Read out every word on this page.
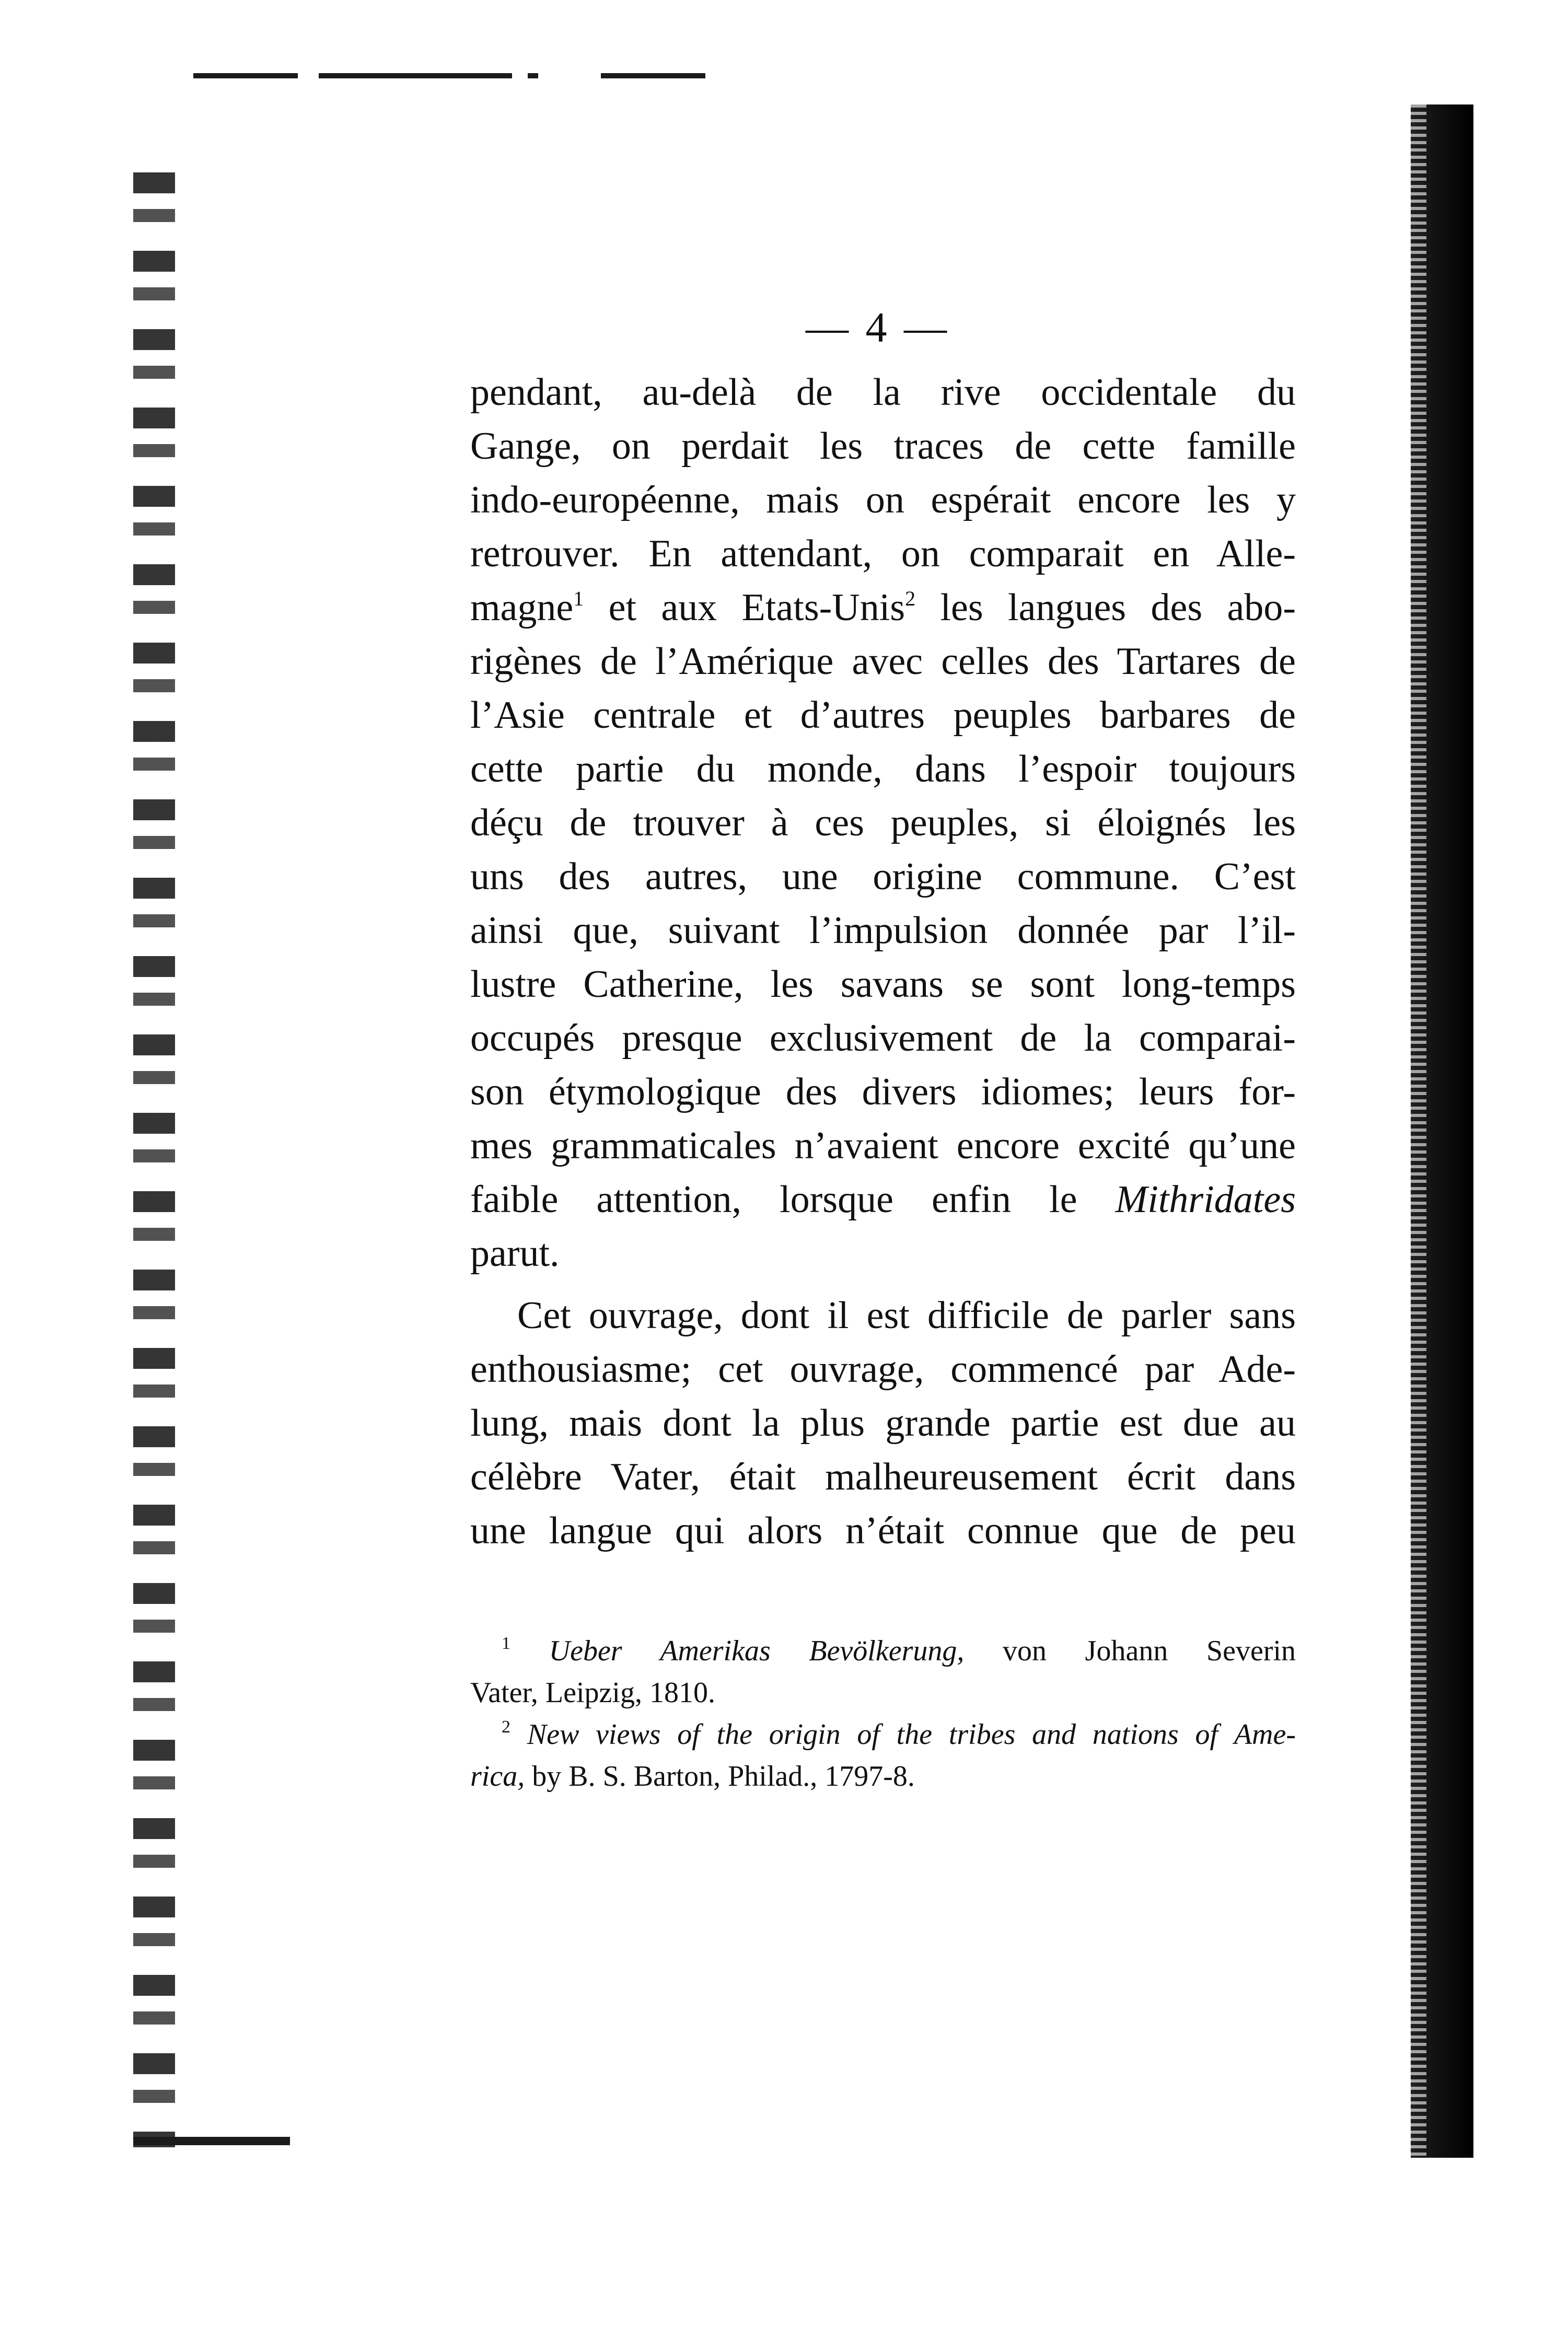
— 4 —
pendant, au-delà de la rive occidentale du
Gange, on perdait les traces de cette famille
indo-européenne, mais on espérait encore les y
retrouver. En attendant, on comparait en Alle-
magne$^1$ et aux Etats-Unis$^2$ les langues des abo-
rigènes de l’Amérique avec celles des Tartares de
l’Asie centrale et d’autres peuples barbares de
cette partie du monde, dans l’espoir toujours
déçu de trouver à ces peuples, si éloignés les
uns des autres, une origine commune. C’est
ainsi que, suivant l’impulsion donnée par l’il-
lustre Catherine, les savans se sont long-temps
occupés presque exclusivement de la comparai-
son étymologique des divers idiomes; leurs for-
mes grammaticales n’avaient encore excité qu’une
faible attention, lorsque enfin le Mithridates
parut.
Cet ouvrage, dont il est difficile de parler sans
enthousiasme; cet ouvrage, commencé par Ade-
lung, mais dont la plus grande partie est due au
célèbre Vater, était malheureusement écrit dans
une langue qui alors n’était connue que de peu
$^1$ Ueber Amerikas Bevölkerung, von Johann Severin
Vater, Leipzig, 1810.
$^2$ New views of the origin of the tribes and nations of Ame-
rica, by B. S. Barton, Philad., 1797-8.
